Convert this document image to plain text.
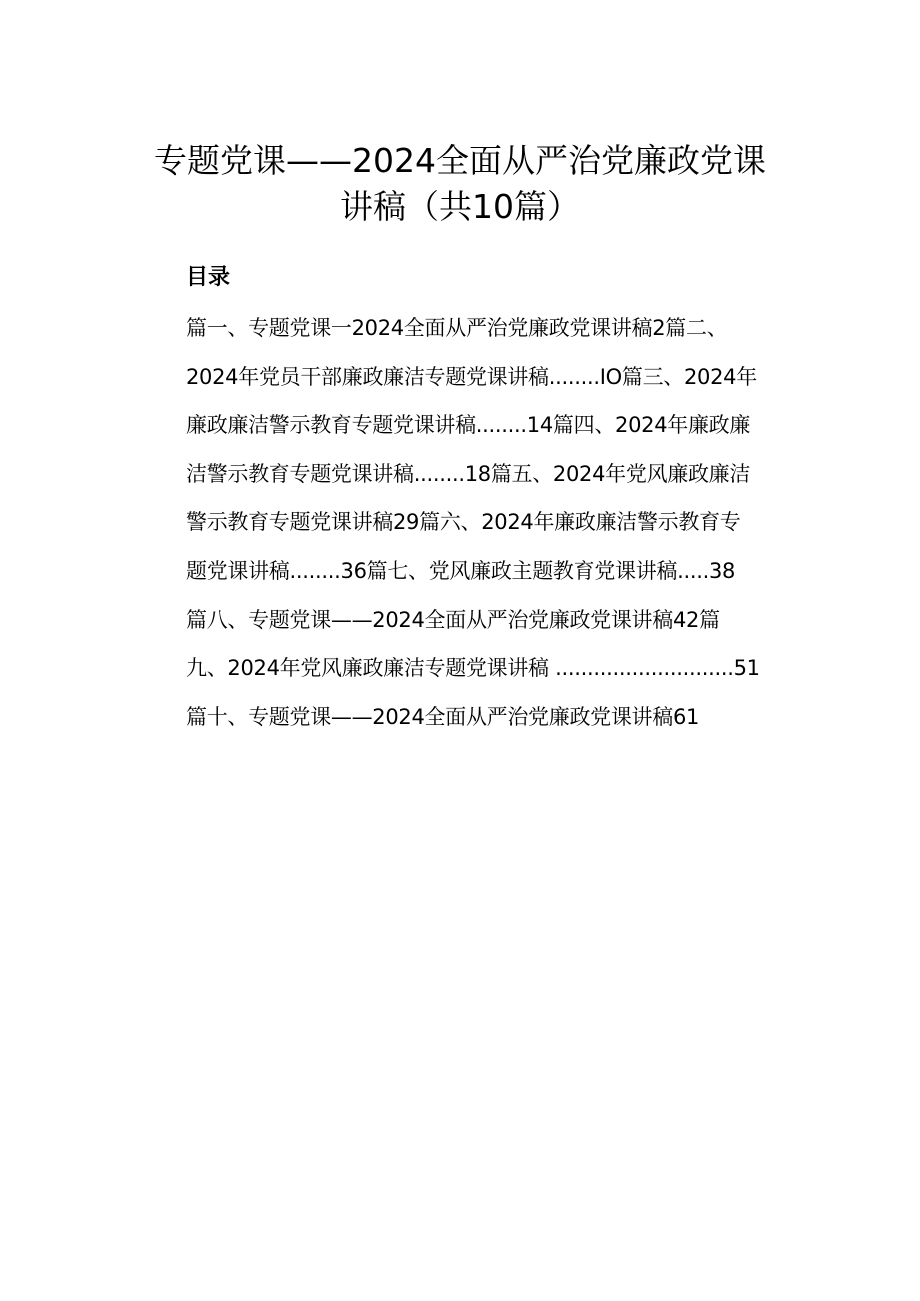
专题党课——2024全面从严治党廉政党课
讲稿（共10篇）
目录
篇一、专题党课一2024全面从严治党廉政党课讲稿2篇二、
2024年党员干部廉政廉洁专题党课讲稿........IO篇三、2024年
廉政廉洁警示教育专题党课讲稿........14篇四、2024年廉政廉
洁警示教育专题党课讲稿........18篇五、2024年党风廉政廉洁
警示教育专题党课讲稿29篇六、2024年廉政廉洁警示教育专
题党课讲稿........36篇七、党风廉政主题教育党课讲稿.....38
篇八、专题党课——2024全面从严治党廉政党课讲稿42篇
九、2024年党风廉政廉洁专题党课讲稿 ............................51
篇十、专题党课——2024全面从严治党廉政党课讲稿61
